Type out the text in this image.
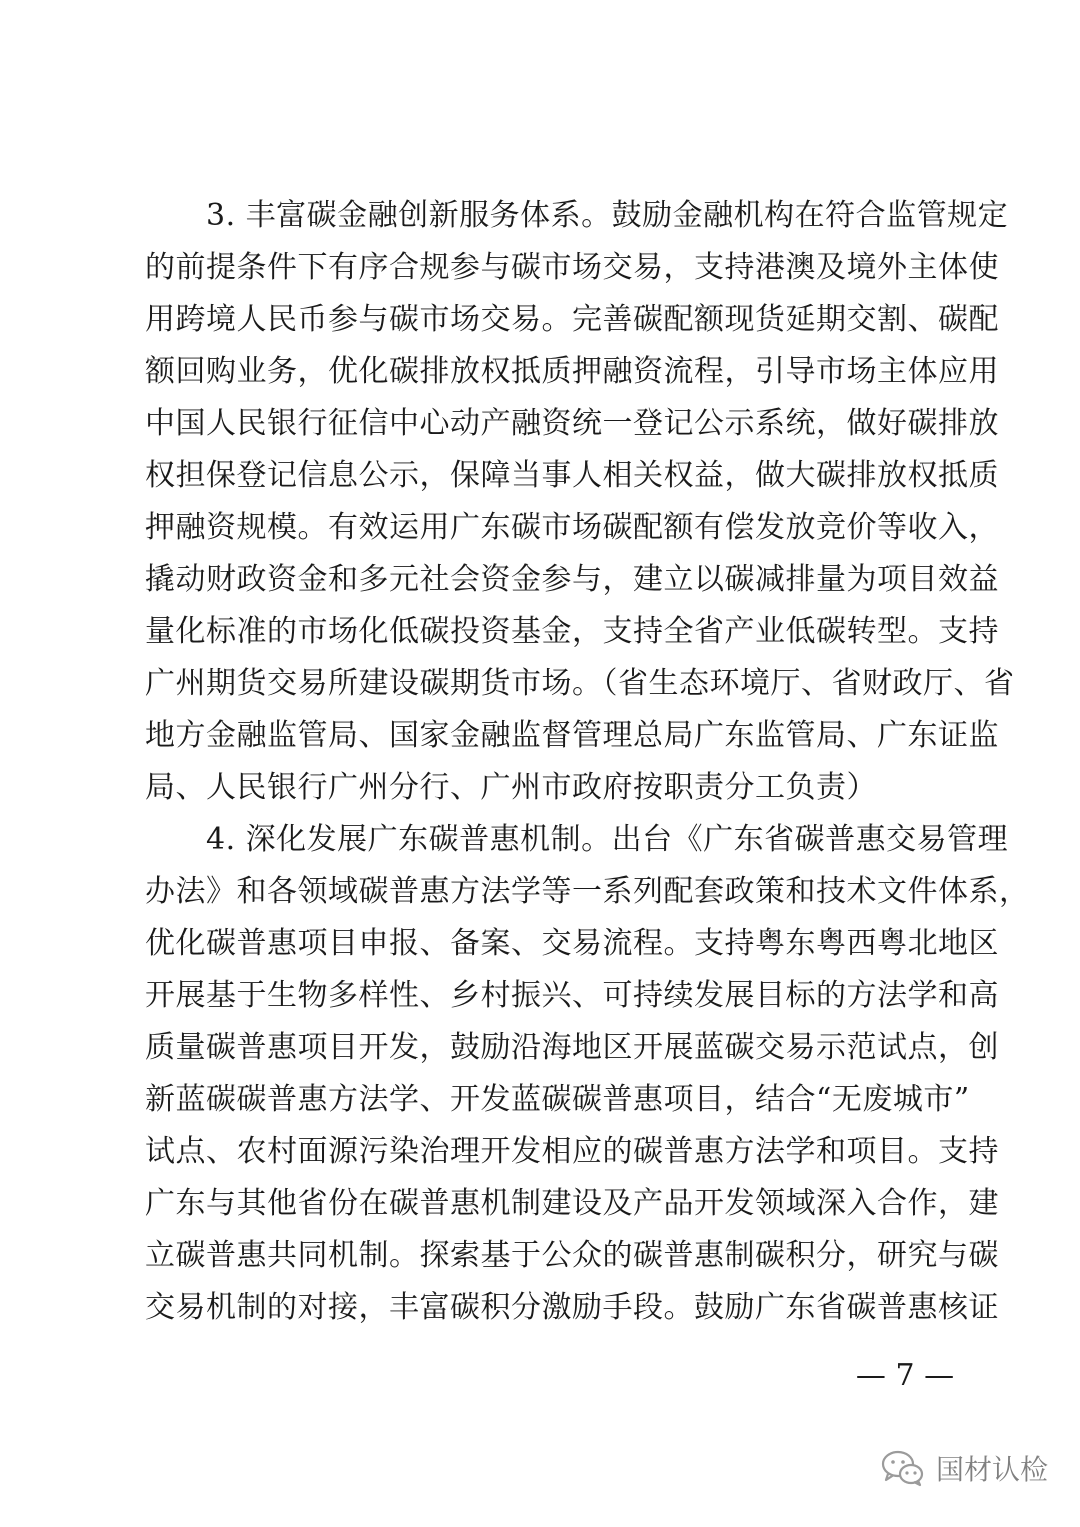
3. 丰富碳金融创新服务体系。鼓励金融机构在符合监管规定
的前提条件下有序合规参与碳市场交易，支持港澳及境外主体使
用跨境人民币参与碳市场交易。完善碳配额现货延期交割、碳配
额回购业务，优化碳排放权抵质押融资流程，引导市场主体应用
中国人民银行征信中心动产融资统一登记公示系统，做好碳排放
权担保登记信息公示，保障当事人相关权益，做大碳排放权抵质
押融资规模。有效运用广东碳市场碳配额有偿发放竞价等收入，
撬动财政资金和多元社会资金参与，建立以碳减排量为项目效益
量化标准的市场化低碳投资基金，支持全省产业低碳转型。支持
广州期货交易所建设碳期货市场。（省生态环境厅、省财政厅、省
地方金融监管局、国家金融监督管理总局广东监管局、广东证监
局、人民银行广州分行、广州市政府按职责分工负责）
4. 深化发展广东碳普惠机制。出台《广东省碳普惠交易管理
办法》和各领域碳普惠方法学等一系列配套政策和技术文件体系，
优化碳普惠项目申报、备案、交易流程。支持粤东粤西粤北地区
开展基于生物多样性、乡村振兴、可持续发展目标的方法学和高
质量碳普惠项目开发，鼓励沿海地区开展蓝碳交易示范试点，创
新蓝碳碳普惠方法学、开发蓝碳碳普惠项目，结合“无废城市”
试点、农村面源污染治理开发相应的碳普惠方法学和项目。支持
广东与其他省份在碳普惠机制建设及产品开发领域深入合作，建
立碳普惠共同机制。探索基于公众的碳普惠制碳积分，研究与碳
交易机制的对接，丰富碳积分激励手段。鼓励广东省碳普惠核证
— 7 —
国材认检
